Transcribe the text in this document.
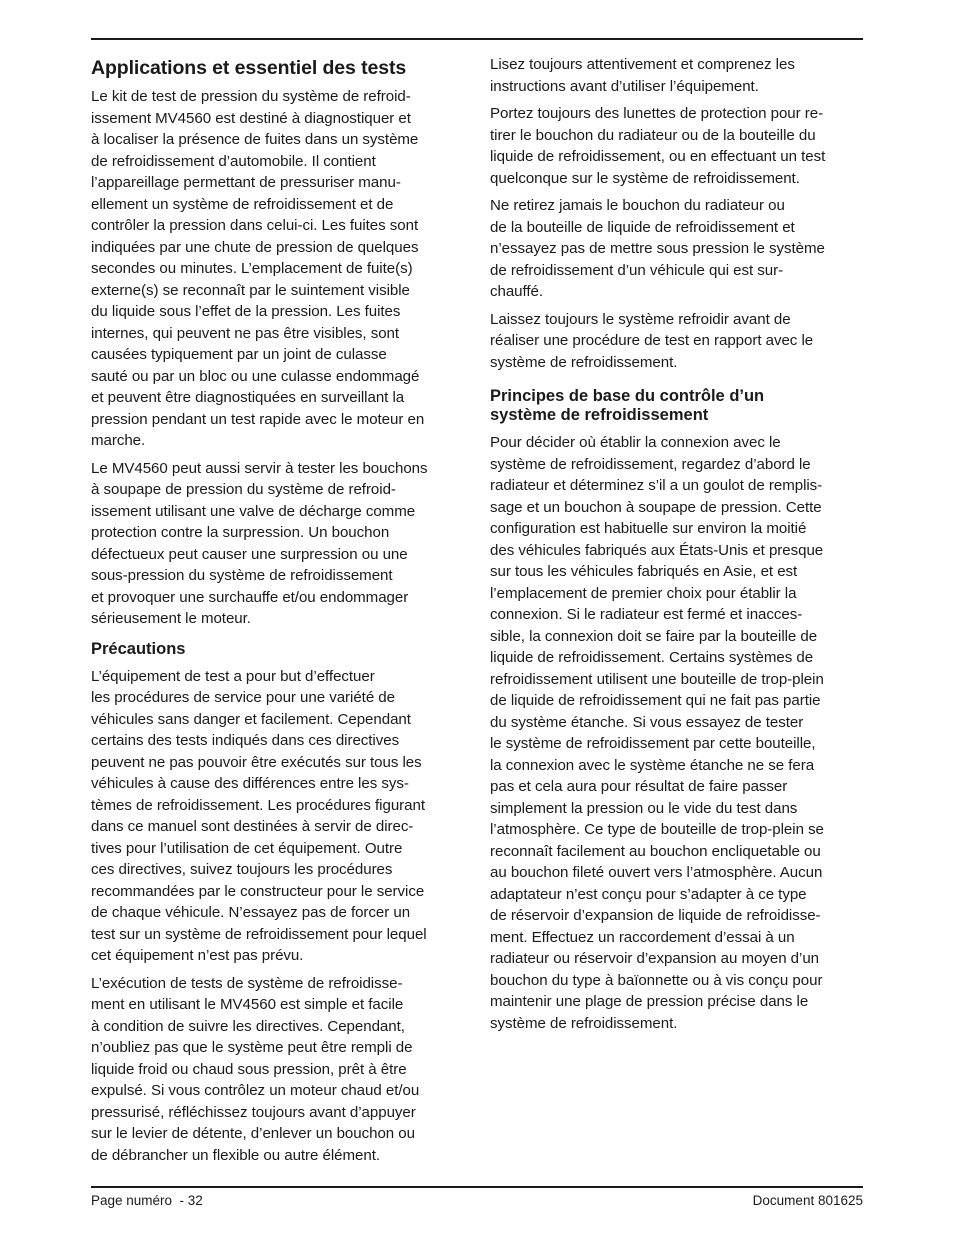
Applications et essentiel des tests

Le kit de test de pression du système de refroid-
issement MV4560 est destiné à diagnostiquer et
à localiser la présence de fuites dans un système
de refroidissement d’automobile. Il contient
l’appareillage permettant de pressuriser manu-
ellement un système de refroidissement et de
contrôler la pression dans celui-ci. Les fuites sont
indiquées par une chute de pression de quelques
secondes ou minutes. L’emplacement de fuite(s)
externe(s) se reconnaît par le suintement visible
du liquide sous l’effet de la pression. Les fuites
internes, qui peuvent ne pas être visibles, sont
causées typiquement par un joint de culasse
sauté ou par un bloc ou une culasse endommagé
et peuvent être diagnostiquées en surveillant la
pression pendant un test rapide avec le moteur en
marche.

Le MV4560 peut aussi servir à tester les bouchons
à soupape de pression du système de refroid-
issement utilisant une valve de décharge comme
protection contre la surpression. Un bouchon
défectueux peut causer une surpression ou une
sous-pression du système de refroidissement
et provoquer une surchauffe et/ou endommager
sérieusement le moteur.

Précautions

L’équipement de test a pour but d’effectuer
les procédures de service pour une variété de
véhicules sans danger et facilement. Cependant
certains des tests indiqués dans ces directives
peuvent ne pas pouvoir être exécutés sur tous les
véhicules à cause des différences entre les sys-
tèmes de refroidissement. Les procédures figurant
dans ce manuel sont destinées à servir de direc-
tives pour l’utilisation de cet équipement. Outre
ces directives, suivez toujours les procédures
recommandées par le constructeur pour le service
de chaque véhicule. N’essayez pas de forcer un
test sur un système de refroidissement pour lequel
cet équipement n’est pas prévu.

L’exécution de tests de système de refroidisse-
ment en utilisant le MV4560 est simple et facile
à condition de suivre les directives. Cependant,
n’oubliez pas que le système peut être rempli de
liquide froid ou chaud sous pression, prêt à être
expulsé. Si vous contrôlez un moteur chaud et/ou
pressurisé, réfléchissez toujours avant d’appuyer
sur le levier de détente, d’enlever un bouchon ou
de débrancher un flexible ou autre élément.

Lisez toujours attentivement et comprenez les
instructions avant d’utiliser l’équipement.

Portez toujours des lunettes de protection pour re-
tirer le bouchon du radiateur ou de la bouteille du
liquide de refroidissement, ou en effectuant un test
quelconque sur le système de refroidissement.

Ne retirez jamais le bouchon du radiateur ou
de la bouteille de liquide de refroidissement et
n’essayez pas de mettre sous pression le système
de refroidissement d’un véhicule qui est sur-
chauffé.

Laissez toujours le système refroidir avant de
réaliser une procédure de test en rapport avec le
système de refroidissement.

Principes de base du contrôle d’un
système de refroidissement

Pour décider où établir la connexion avec le
système de refroidissement, regardez d’abord le
radiateur et déterminez s’il a un goulot de remplis-
sage et un bouchon à soupape de pression. Cette
configuration est habituelle sur environ la moitié
des véhicules fabriqués aux États-Unis et presque
sur tous les véhicules fabriqués en Asie, et est
l’emplacement de premier choix pour établir la
connexion. Si le radiateur est fermé et inacces-
sible, la connexion doit se faire par la bouteille de
liquide de refroidissement. Certains systèmes de
refroidissement utilisent une bouteille de trop-plein
de liquide de refroidissement qui ne fait pas partie
du système étanche. Si vous essayez de tester
le système de refroidissement par cette bouteille,
la connexion avec le système étanche ne se fera
pas et cela aura pour résultat de faire passer
simplement la pression ou le vide du test dans
l’atmosphère. Ce type de bouteille de trop-plein se
reconnaît facilement au bouchon encliquetable ou
au bouchon fileté ouvert vers l’atmosphère. Aucun
adaptateur n’est conçu pour s’adapter à ce type
de réservoir d’expansion de liquide de refroidisse-
ment. Effectuez un raccordement d’essai à un
radiateur ou réservoir d’expansion au moyen d’un
bouchon du type à baïonnette ou à vis conçu pour
maintenir une plage de pression précise dans le
système de refroidissement.

Page numéro  - 32	Document 801625
